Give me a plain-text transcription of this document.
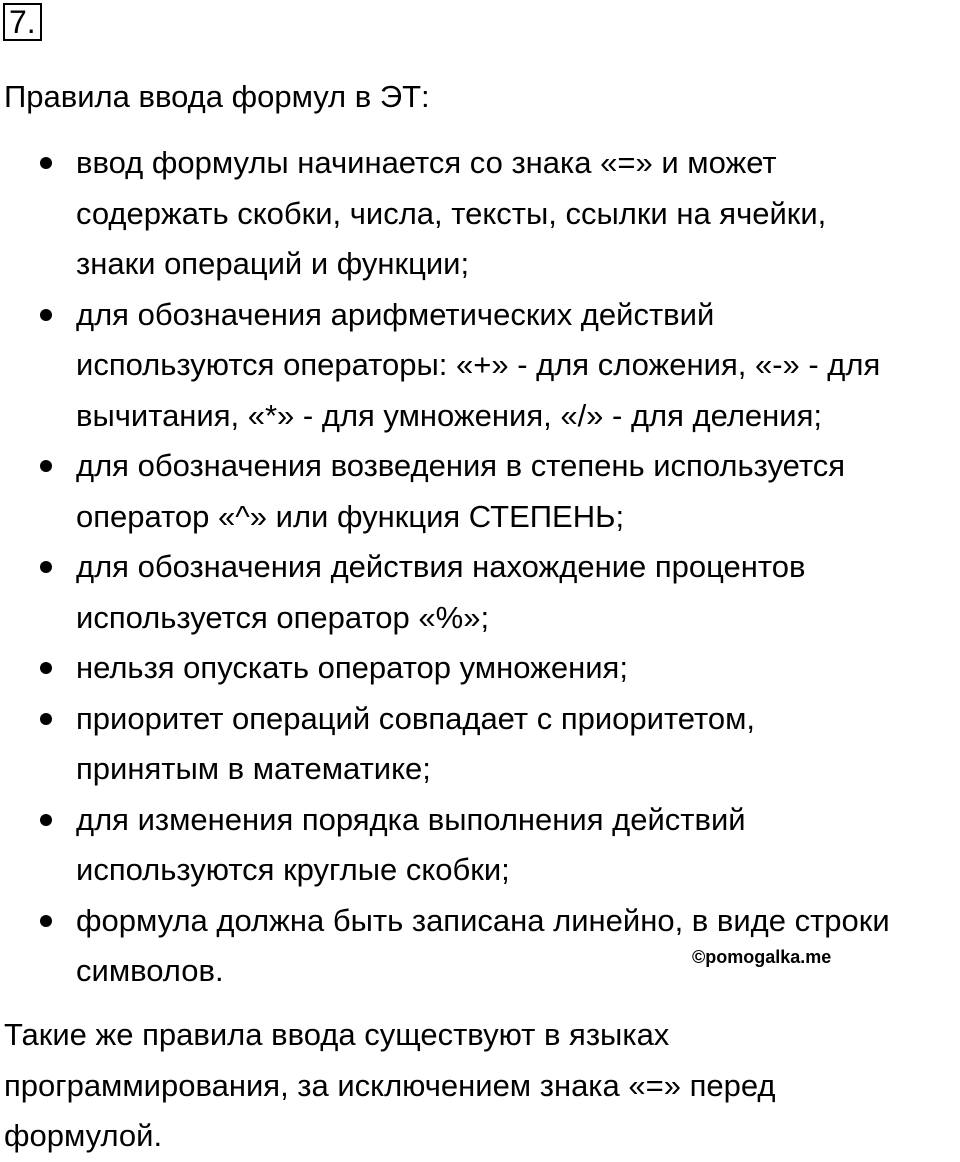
7.

Правила ввода формул в ЭТ:

ввод формулы начинается со знака «=» и может
содержать скобки, числа, тексты, ссылки на ячейки,
знаки операций и функции;
для обозначения арифметических действий
используются операторы: «+» - для сложения, «-» - для
вычитания, «*» - для умножения, «/» - для деления;
для обозначения возведения в степень используется
оператор «^» или функция СТЕПЕНЬ;
для обозначения действия нахождение процентов
используется оператор «%»;
нельзя опускать оператор умножения;
приоритет операций совпадает с приоритетом,
принятым в математике;
для изменения порядка выполнения действий
используются круглые скобки;
формула должна быть записана линейно, в виде строки
символов.	©pomogalka.me

Такие же правила ввода существуют в языках
программирования, за исключением знака «=» перед
формулой.
